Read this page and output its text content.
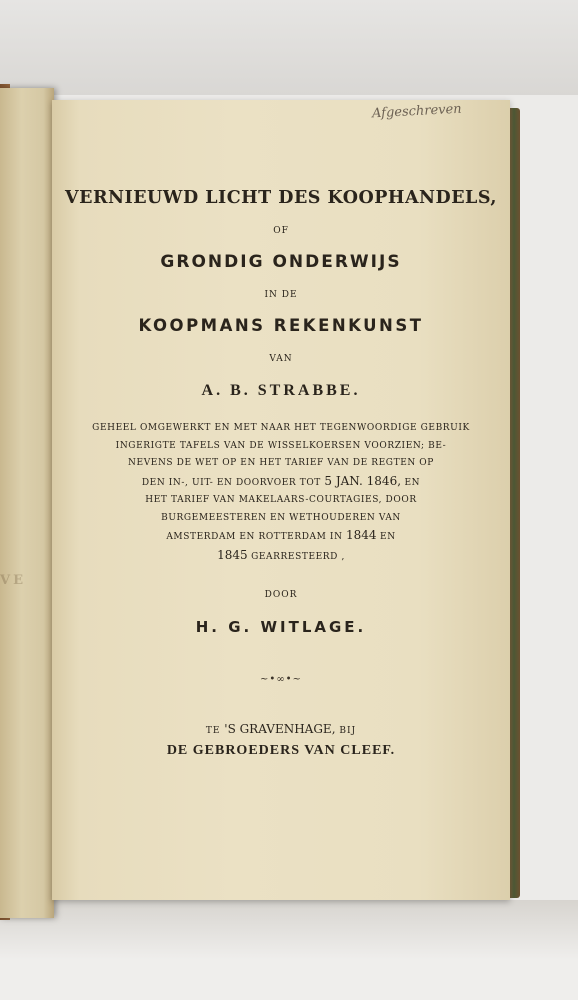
VE
Afgeschreven
VERNIEUWD LICHT DES KOOPHANDELS,
OF
GRONDIG ONDERWIJS
IN DE
KOOPMANS REKENKUNST
VAN
A. B. STRABBE.
GEHEEL OMGEWERKT EN MET NAAR HET TEGENWOORDIGE GEBRUIK
INGERIGTE TAFELS VAN DE WISSELKOERSEN VOORZIEN; BE-
NEVENS DE WET OP EN HET TARIEF VAN DE REGTEN OP
DEN IN-, UIT- EN DOORVOER TOT 5 JAN. 1846, EN
HET TARIEF VAN MAKELAARS-COURTAGIES, DOOR
BURGEMEESTEREN EN WETHOUDEREN VAN
AMSTERDAM EN ROTTERDAM IN 1844 EN
1845 GEARRESTEERD ,
DOOR
H. G. WITLAGE.
~•∞•~
TE 'S GRAVENHAGE, BIJ
DE GEBROEDERS VAN CLEEF.
